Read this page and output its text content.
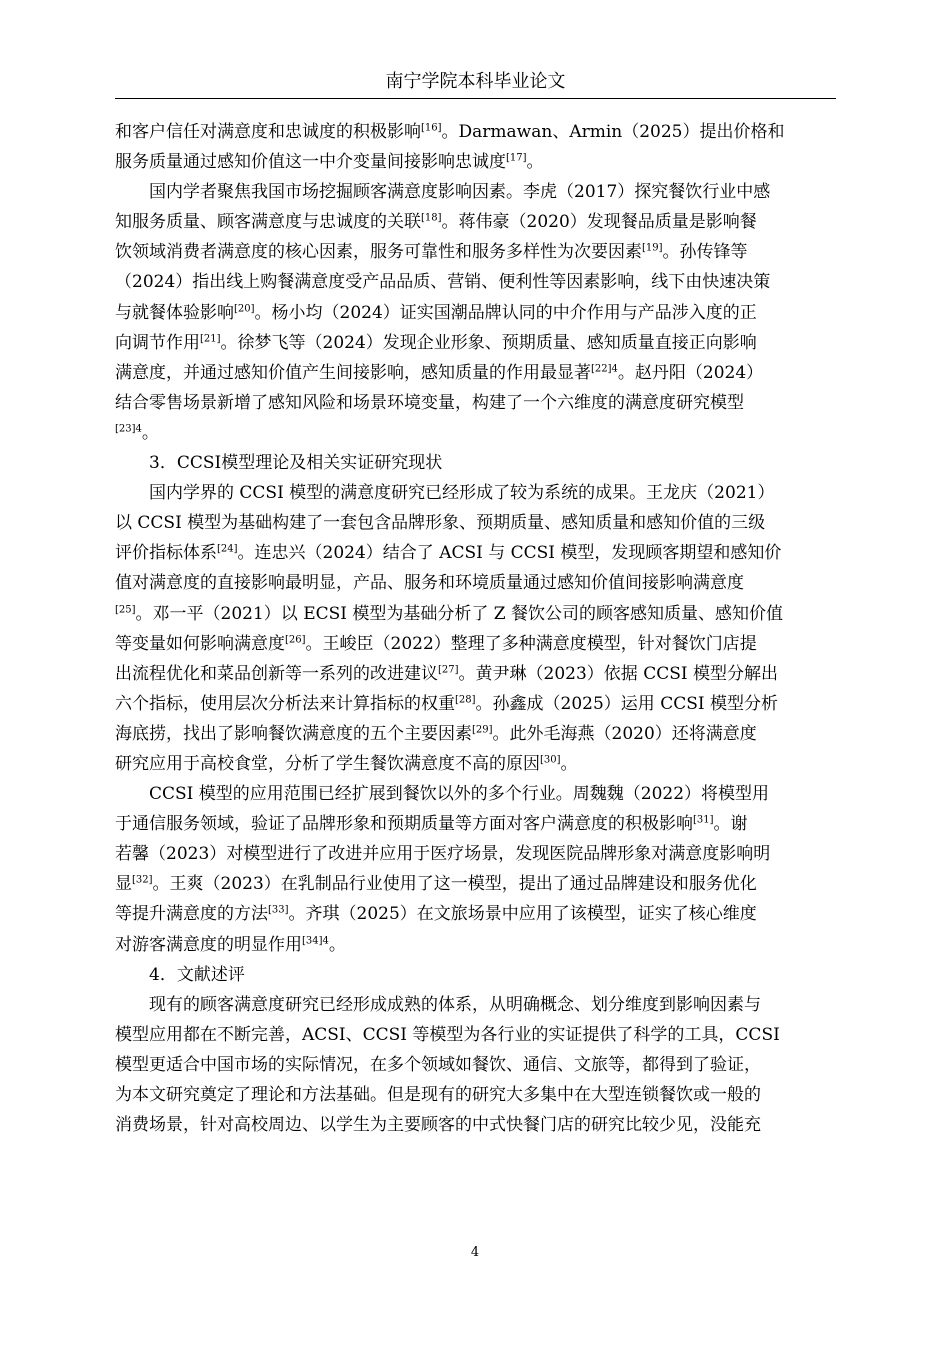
南宁学院本科毕业论文
和客户信任对满意度和忠诚度的积极影响[16]。Darmawan、Armin（2025）提出价格和
服务质量通过感知价值这一中介变量间接影响忠诚度[17]。
国内学者聚焦我国市场挖掘顾客满意度影响因素。李虎（2017）探究餐饮行业中感
知服务质量、顾客满意度与忠诚度的关联[18]。蒋伟豪（2020）发现餐品质量是影响餐
饮领域消费者满意度的核心因素，服务可靠性和服务多样性为次要因素[19]。孙传锋等
（2024）指出线上购餐满意度受产品品质、营销、便利性等因素影响，线下由快速决策
与就餐体验影响[20]。杨小均（2024）证实国潮品牌认同的中介作用与产品涉入度的正
向调节作用[21]。徐梦飞等（2024）发现企业形象、预期质量、感知质量直接正向影响
满意度，并通过感知价值产生间接影响，感知质量的作用最显著$^{[22]4}$。赵丹阳（2024）
结合零售场景新增了感知风险和场景环境变量，构建了一个六维度的满意度研究模型
$^{[23]4}$。
3．CCSI模型理论及相关实证研究现状
国内学界的 CCSI 模型的满意度研究已经形成了较为系统的成果。王龙庆（2021）
以 CCSI 模型为基础构建了一套包含品牌形象、预期质量、感知质量和感知价值的三级
评价指标体系[24]。连忠兴（2024）结合了 ACSI 与 CCSI 模型，发现顾客期望和感知价
值对满意度的直接影响最明显，产品、服务和环境质量通过感知价值间接影响满意度
[25]。邓一平（2021）以 ECSI 模型为基础分析了 Z 餐饮公司的顾客感知质量、感知价值
等变量如何影响满意度[26]。王峻臣（2022）整理了多种满意度模型，针对餐饮门店提
出流程优化和菜品创新等一系列的改进建议[27]。黄尹琳（2023）依据 CCSI 模型分解出
六个指标，使用层次分析法来计算指标的权重[28]。孙鑫成（2025）运用 CCSI 模型分析
海底捞，找出了影响餐饮满意度的五个主要因素[29]。此外毛海燕（2020）还将满意度
研究应用于高校食堂，分析了学生餐饮满意度不高的原因[30]。
CCSI 模型的应用范围已经扩展到餐饮以外的多个行业。周魏魏（2022）将模型用
于通信服务领域，验证了品牌形象和预期质量等方面对客户满意度的积极影响[31]。谢
若馨（2023）对模型进行了改进并应用于医疗场景，发现医院品牌形象对满意度影响明
显[32]。王爽（2023）在乳制品行业使用了这一模型，提出了通过品牌建设和服务优化
等提升满意度的方法[33]。齐琪（2025）在文旅场景中应用了该模型，证实了核心维度
对游客满意度的明显作用$^{[34]4}$。
4．文献述评
现有的顾客满意度研究已经形成成熟的体系，从明确概念、划分维度到影响因素与
模型应用都在不断完善，ACSI、CCSI 等模型为各行业的实证提供了科学的工具，CCSI
模型更适合中国市场的实际情况，在多个领域如餐饮、通信、文旅等，都得到了验证，
为本文研究奠定了理论和方法基础。但是现有的研究大多集中在大型连锁餐饮或一般的
消费场景，针对高校周边、以学生为主要顾客的中式快餐门店的研究比较少见，没能充
4
